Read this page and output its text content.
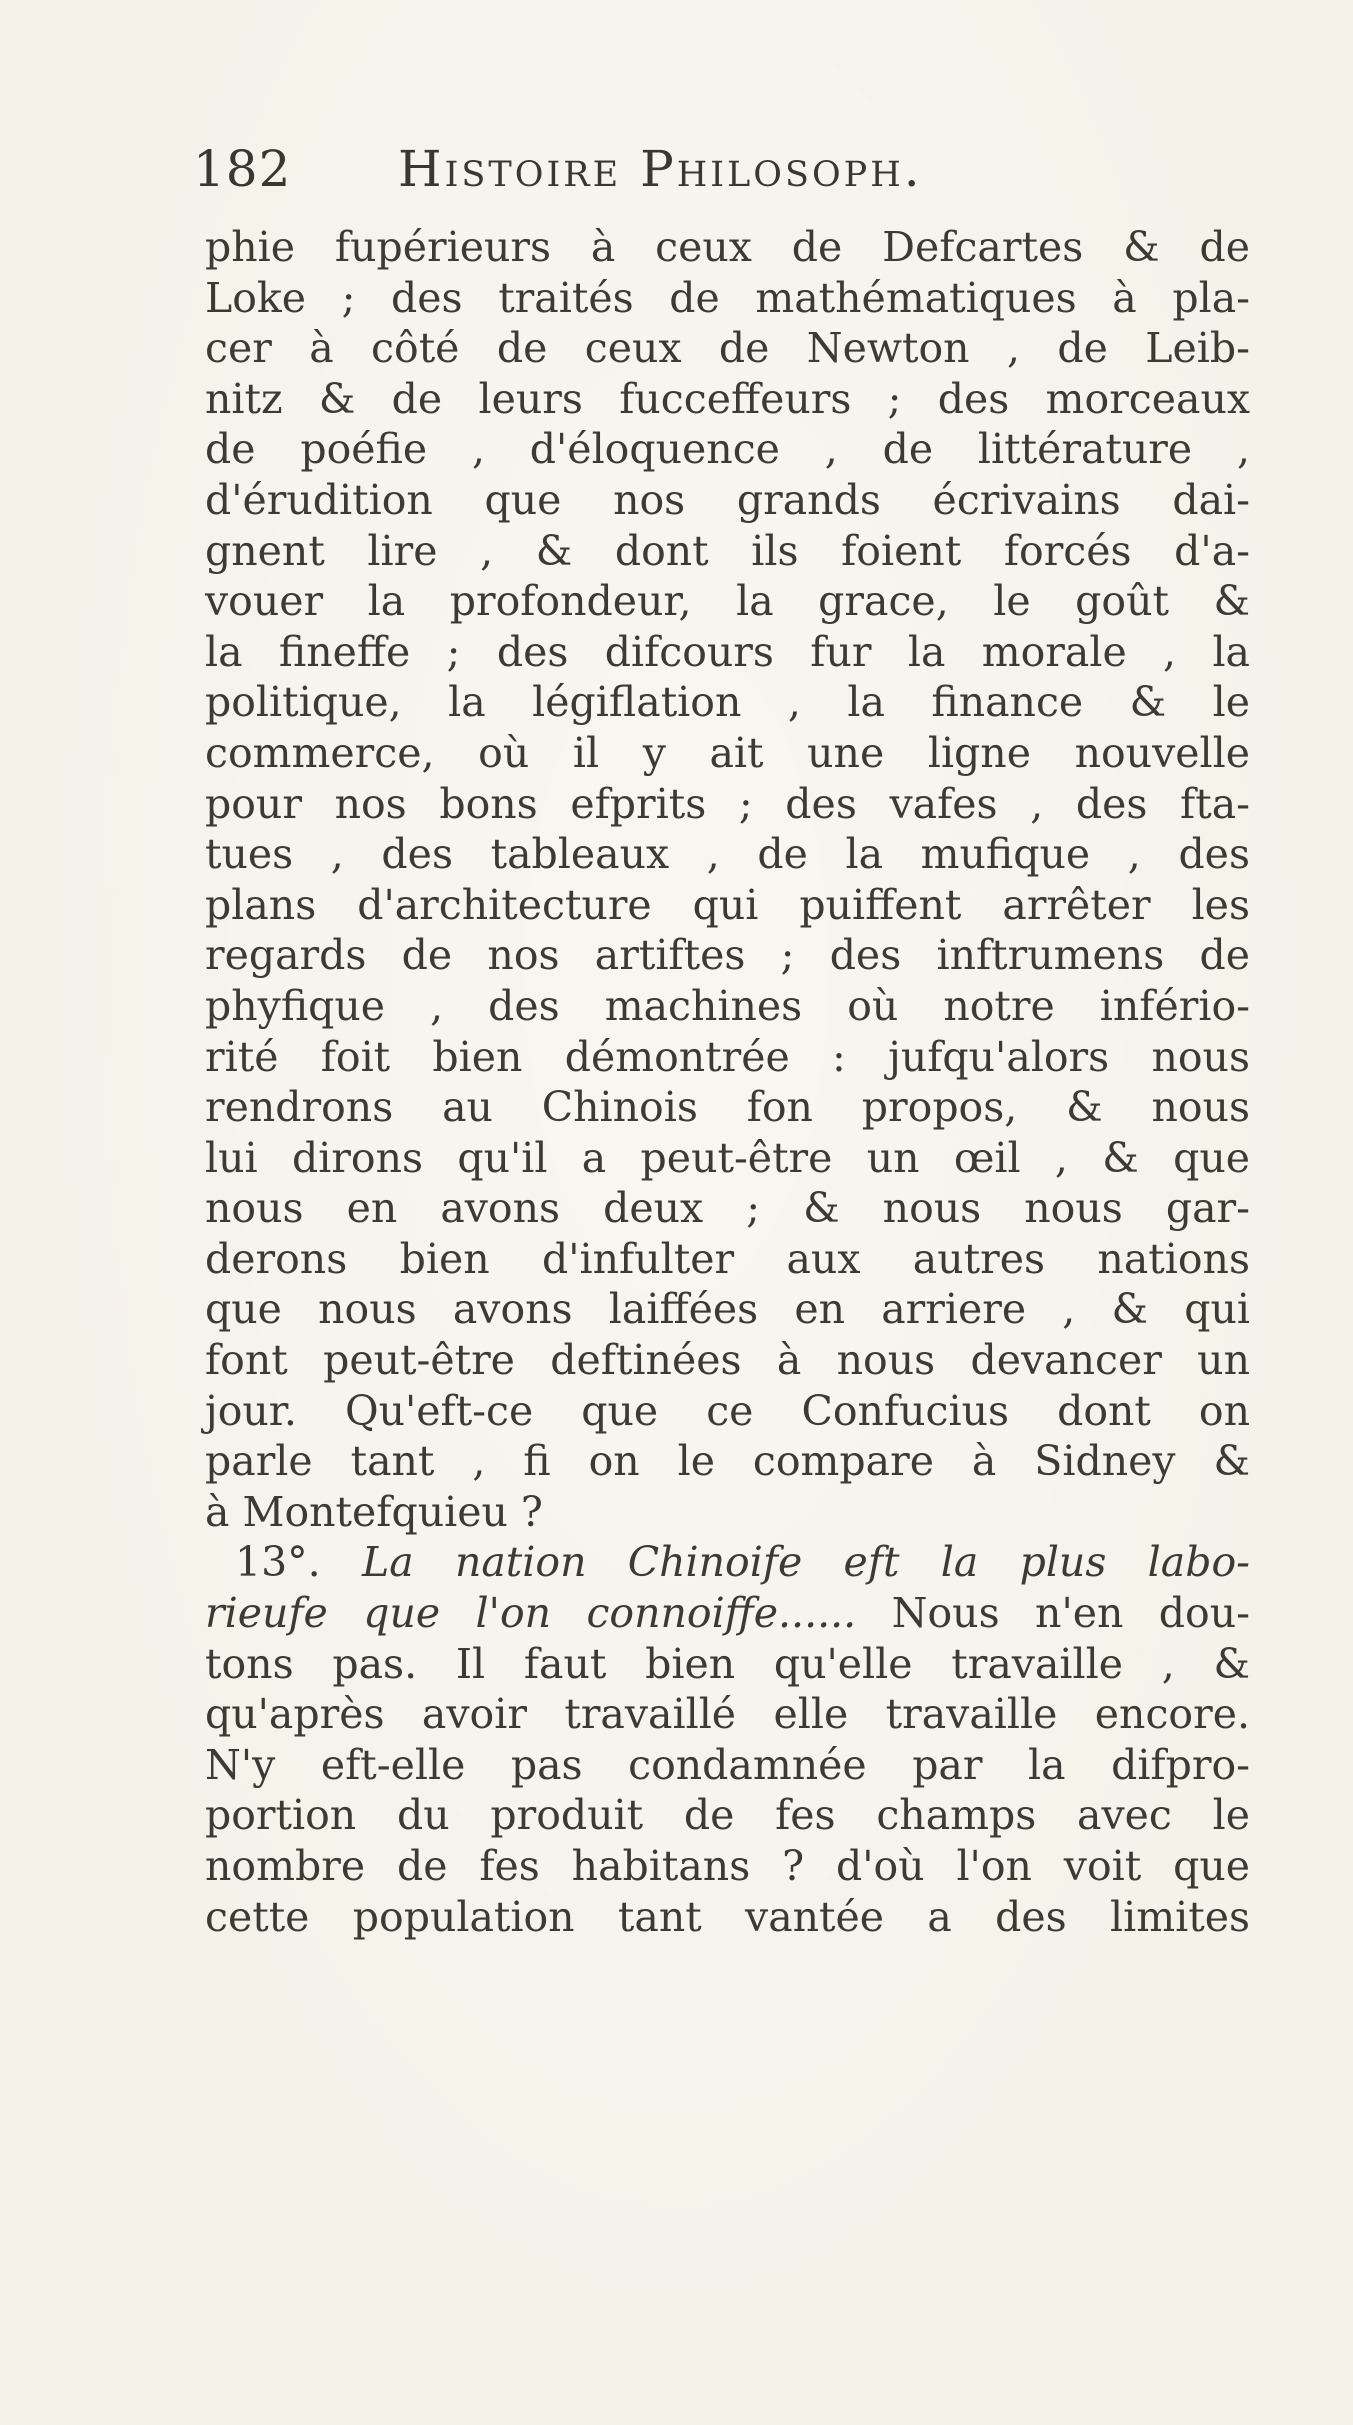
182 Histoire Philosoph.
phie fupérieurs à ceux de Defcartes & de
Loke ; des traités de mathématiques à pla-
cer à côté de ceux de Newton , de Leib-
nitz & de leurs fucceffeurs ; des morceaux
de poéfie , d'éloquence , de littérature ,
d'érudition que nos grands écrivains dai-
gnent lire , & dont ils foient forcés d'a-
vouer la profondeur, la grace, le goût &
la fineffe ; des difcours fur la morale , la
politique, la légiflation , la finance & le
commerce, où il y ait une ligne nouvelle
pour nos bons efprits ; des vafes , des fta-
tues , des tableaux , de la mufique , des
plans d'architecture qui puiffent arrêter les
regards de nos artiftes ; des inftrumens de
phyfique , des machines où notre infério-
rité foit bien démontrée : jufqu'alors nous
rendrons au Chinois fon propos, & nous
lui dirons qu'il a peut-être un œil , & que
nous en avons deux ; & nous nous gar-
derons bien d'infulter aux autres nations
que nous avons laiffées en arriere , & qui
font peut-être deftinées à nous devancer un
jour. Qu'eft-ce que ce Confucius dont on
parle tant , fi on le compare à Sidney &
à Montefquieu ?
13°. La nation Chinoife eft la plus labo-
rieufe que l'on connoiffe...... Nous n'en dou-
tons pas. Il faut bien qu'elle travaille , &
qu'après avoir travaillé elle travaille encore.
N'y eft-elle pas condamnée par la difpro-
portion du produit de fes champs avec le
nombre de fes habitans ? d'où l'on voit que
cette population tant vantée a des limites
